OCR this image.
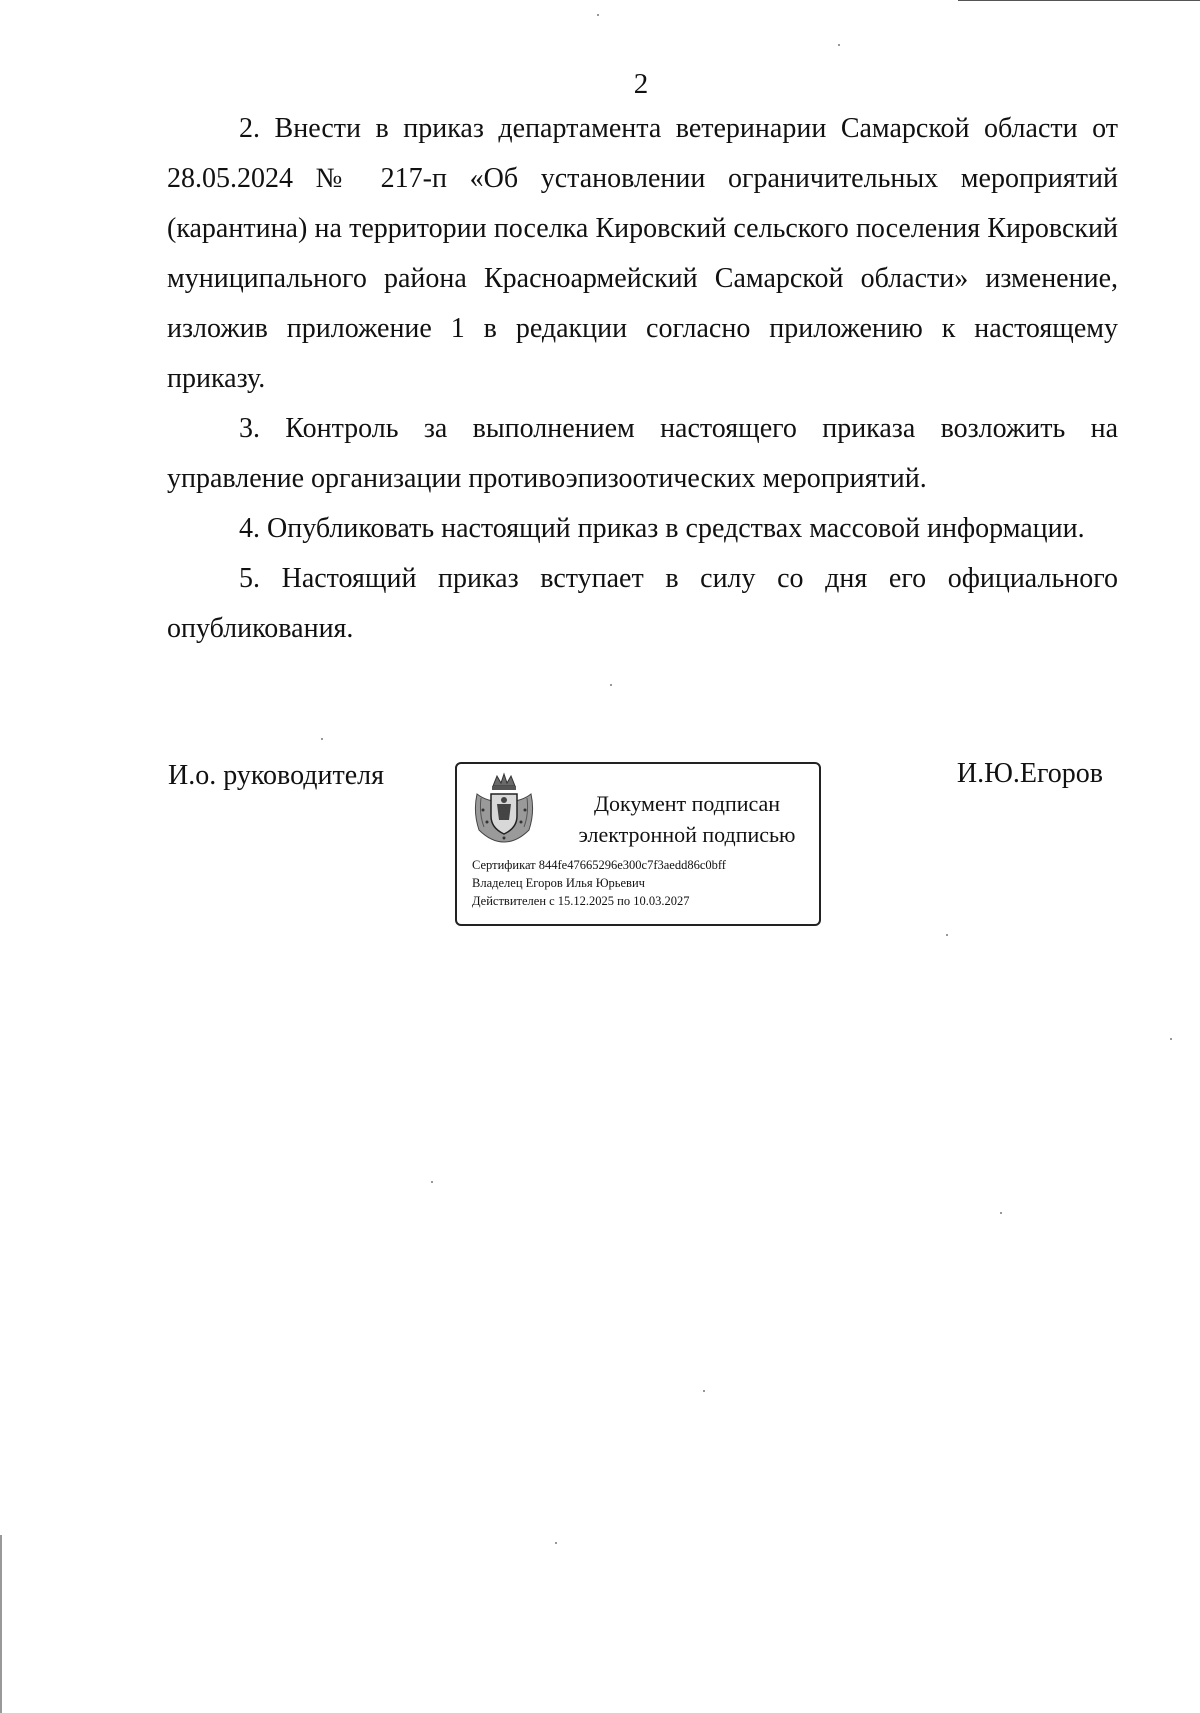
2

2. Внести в приказ департамента ветеринарии Самарской области от 28.05.2024 № 217-п «Об установлении ограничительных мероприятий (карантина) на территории поселка Кировский сельского поселения Кировский муниципального района Красноармейский Самарской области» изменение, изложив приложение 1 в редакции согласно приложению к настоящему приказу.

3. Контроль за выполнением настоящего приказа возложить на управление организации противоэпизоотических мероприятий.

4. Опубликовать настоящий приказ в средствах массовой информации.

5. Настоящий приказ вступает в силу со дня его официального опубликования.

И.о. руководителя
Документ подписан
электронной подписью
Сертификат 844fe47665296e300c7f3aedd86c0bff
Владелец Егоров Илья Юрьевич
Действителен с 15.12.2025 по 10.03.2027
И.Ю.Егоров
